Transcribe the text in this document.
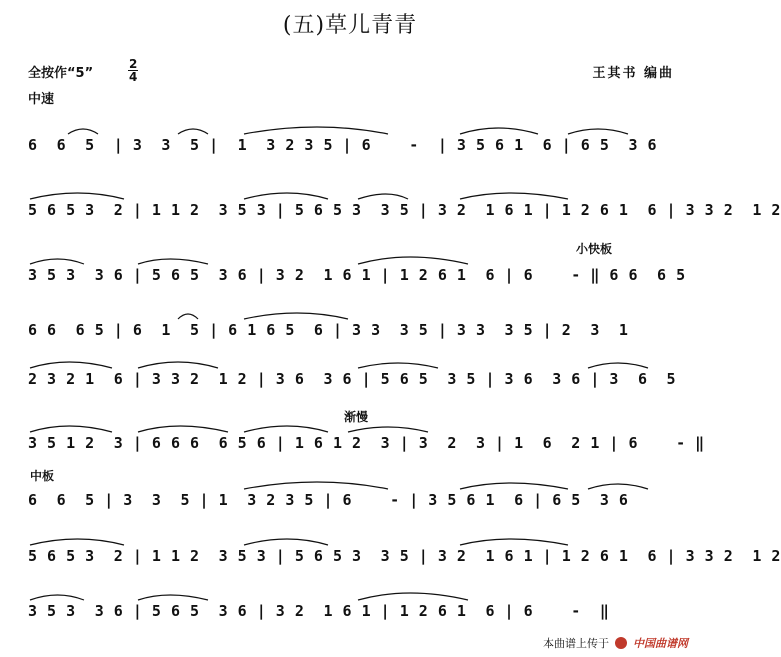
(五)草儿青青
全按作“5”	$\frac{2}{4}$
中速
王其书 编曲
6  6  5  | 3  3  5 |  1  3 2 3 5 | 6    -  | 3 5 6 1  6 | 6 5  3 6
5 6 5 3  2 | 1 1 2  3 5 3 | 5 6 5 3  3 5 | 3 2  1 6 1 | 1 2 6 1  6 | 3 3 2  1 2
3 5 3  3 6 | 5 6 5  3 6 | 3 2  1 6 1 | 1 2 6 1  6 | 6    - ‖ 6 6  6 5
小快板
6 6  6 5 | 6  1  5 | 6 1 6 5  6 | 3 3  3 5 | 3 3  3 5 | 2  3  1
2 3 2 1  6 | 3 3 2  1 2 | 3 6  3 6 | 5 6 5  3 5 | 3 6  3 6 | 3  6  5
3 5 1 2  3 | 6 6 6  6 5 6 | 1 6 1 2  3 | 3  2  3 | 1  6  2 1 | 6    - ‖
渐慢
6  6  5 | 3  3  5 | 1  3 2 3 5 | 6    - | 3 5 6 1  6 | 6 5  3 6
中板
5 6 5 3  2 | 1 1 2  3 5 3 | 5 6 5 3  3 5 | 3 2  1 6 1 | 1 2 6 1  6 | 3 3 2  1 2
3 5 3  3 6 | 5 6 5  3 6 | 3 2  1 6 1 | 1 2 6 1  6 | 6    -  ‖
本曲谱上传于 中国曲谱网
